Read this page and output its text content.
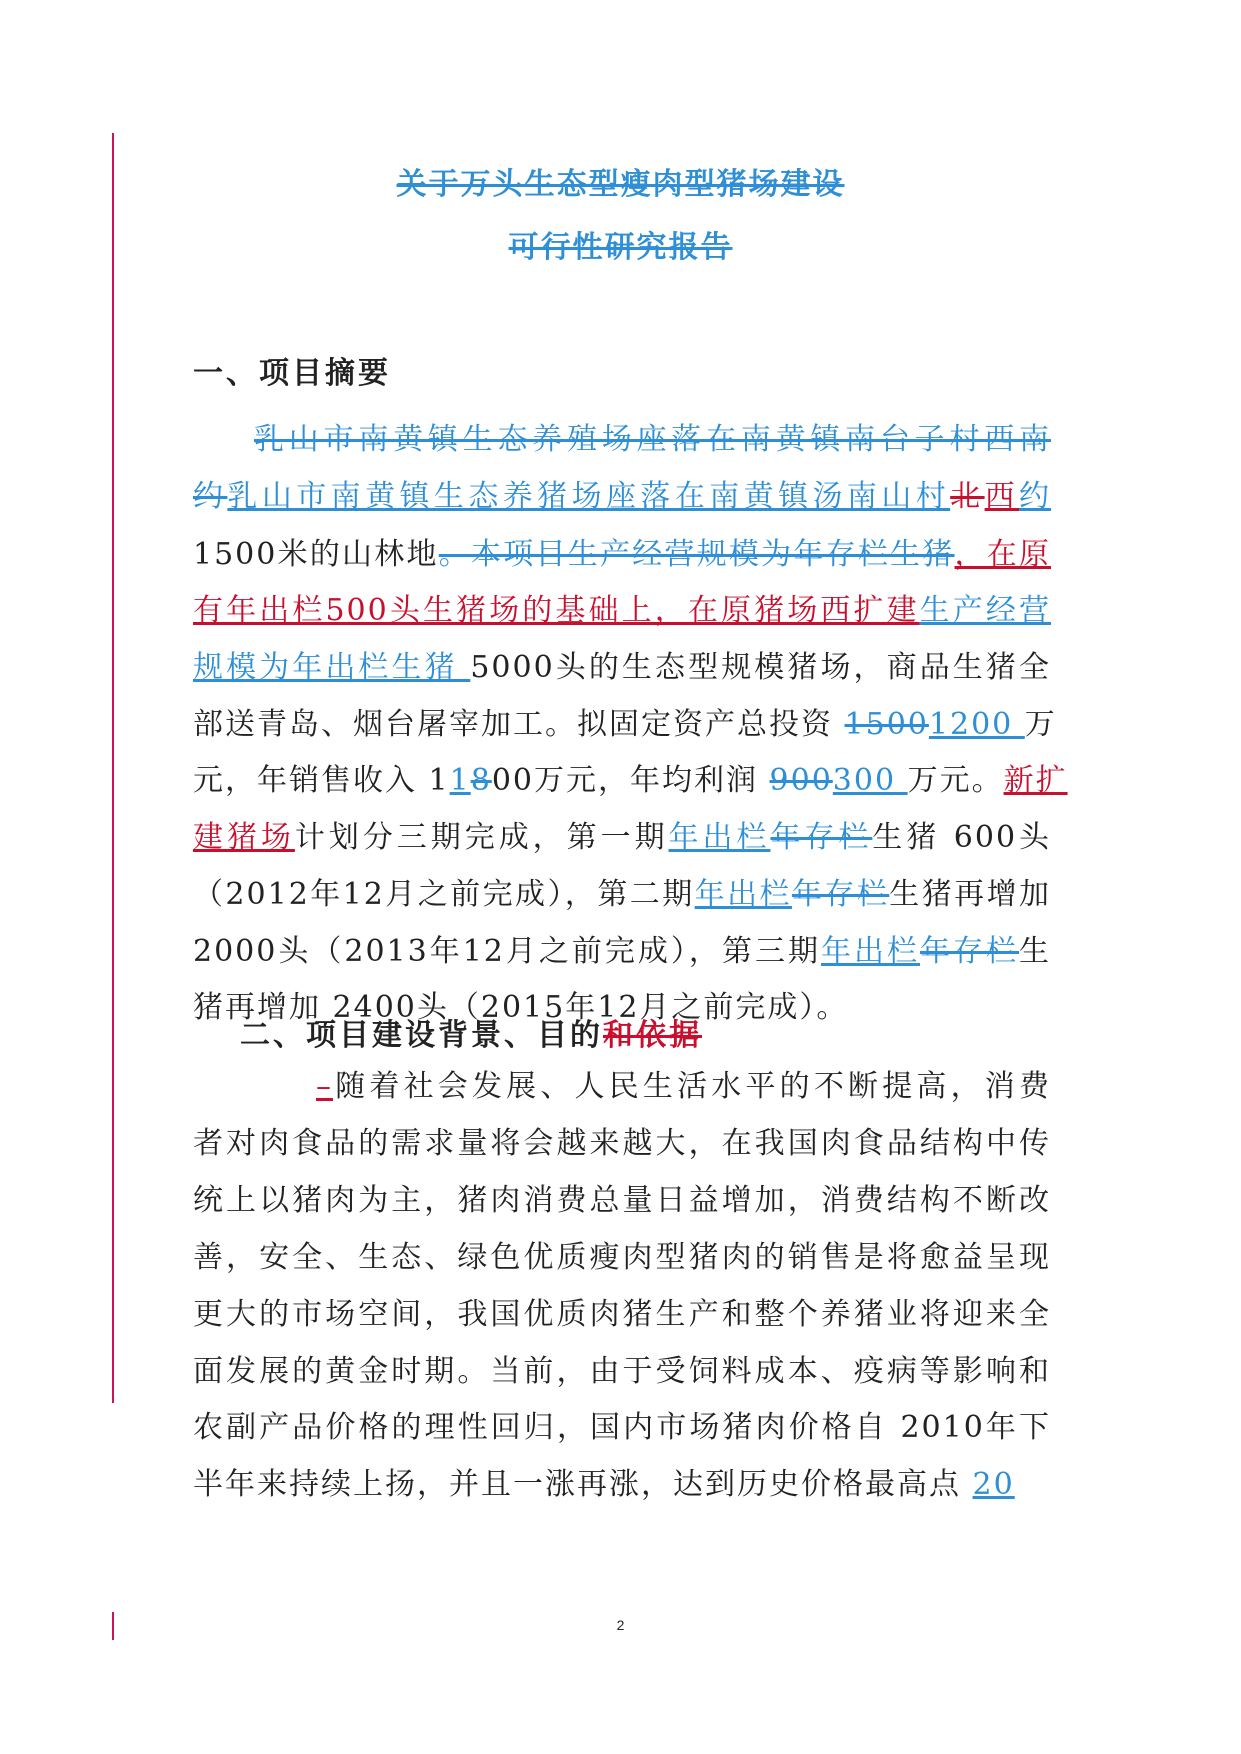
关于万头生态型瘦肉型猪场建设
可行性研究报告
一、项目摘要
乳山市南黄镇生态养殖场座落在南黄镇南台子村西南
约乳山市南黄镇生态养猪场座落在南黄镇汤南山村北西约
1500米的山林地。本项目生产经营规模为年存栏生猪，在原
有年出栏500头生猪场的基础上，在原猪场西扩建生产经营
规模为年出栏生猪 5000头的生态型规模猪场，商品生猪全
部送青岛、烟台屠宰加工。拟固定资产总投资 15001200 万
元，年销售收入 11800万元，年均利润 900300 万元。新扩
建猪场计划分三期完成，第一期年出栏年存栏生猪 600头
（2012年12月之前完成），第二期年出栏年存栏生猪再增加
2000头（2013年12月之前完成），第三期年出栏年存栏生
猪再增加 2400头（2015年12月之前完成）。
二、项目建设背景、目的和依据
–随着社会发展、人民生活水平的不断提高，消费
者对肉食品的需求量将会越来越大，在我国肉食品结构中传
统上以猪肉为主，猪肉消费总量日益增加，消费结构不断改
善，安全、生态、绿色优质瘦肉型猪肉的销售是将愈益呈现
更大的市场空间，我国优质肉猪生产和整个养猪业将迎来全
面发展的黄金时期。当前，由于受饲料成本、疫病等影响和
农副产品价格的理性回归，国内市场猪肉价格自 2010年下
半年来持续上扬，并且一涨再涨，达到历史价格最高点 20
2
